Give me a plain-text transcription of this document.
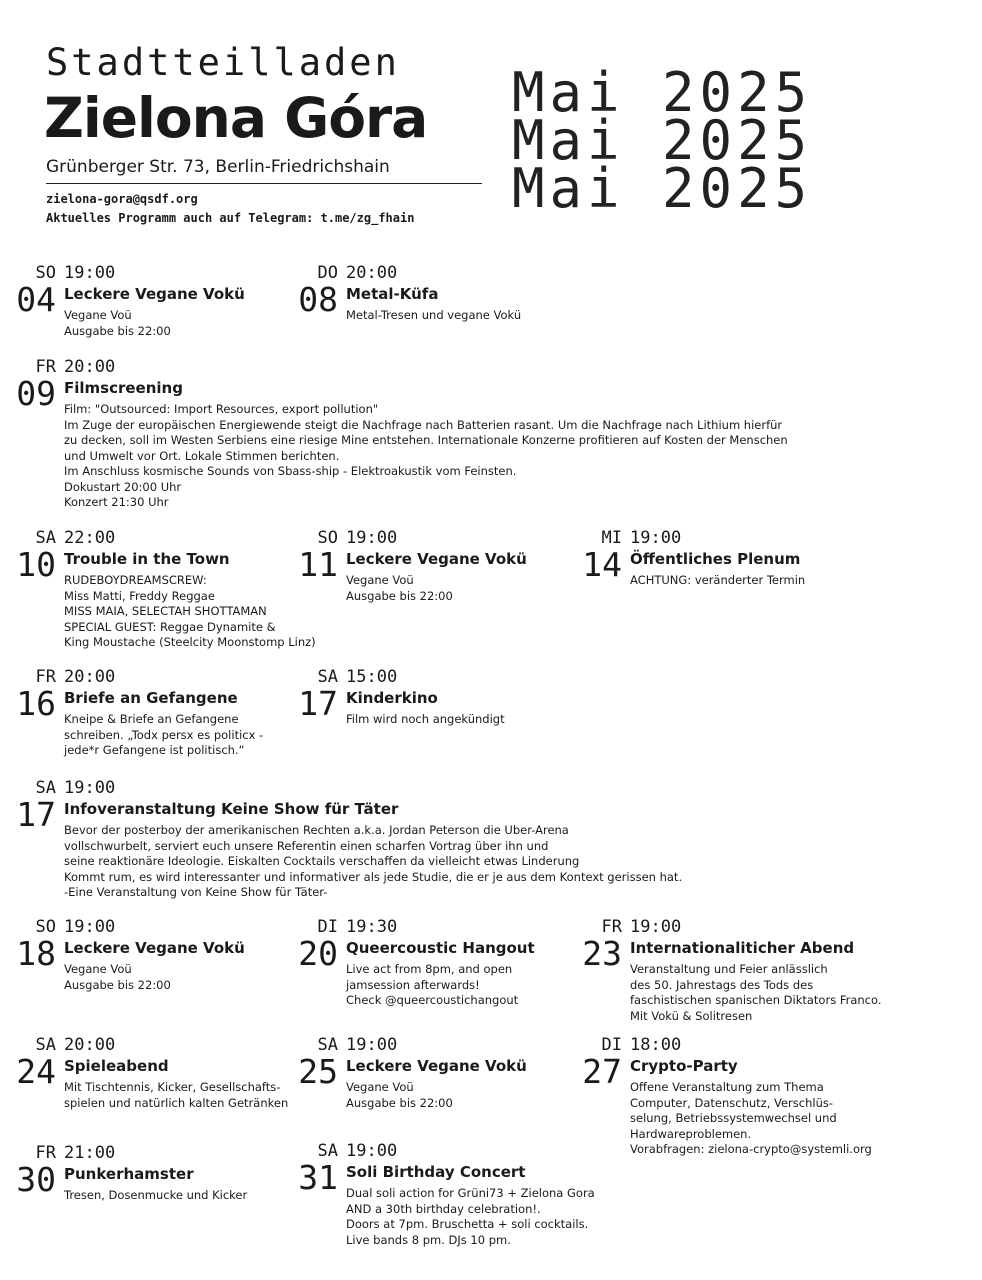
Stadtteilladen
Zielona Góra
Grünberger Str. 73, Berlin-Friedrichshain
zielona-gora@qsdf.org
Aktuelles Programm auch auf Telegram: t.me/zg_fhain
Mai 2025
Mai 2025
Mai 2025
SO
04
19:00
Leckere Vegane Vokü
Vegane Voü
Ausgabe bis 22:00
DO
08
20:00
Metal-Küfa
Metal-Tresen und vegane Vokü
FR
09
20:00
Filmscreening
Film: "Outsourced: Import Resources, export pollution"
Im Zuge der europäischen Energiewende steigt die Nachfrage nach Batterien rasant. Um die Nachfrage nach Lithium hierfür
zu decken, soll im Westen Serbiens eine riesige Mine entstehen. Internationale Konzerne profitieren auf Kosten der Menschen
und Umwelt vor Ort. Lokale Stimmen berichten.
Im Anschluss kosmische Sounds von Sbass-ship - Elektroakustik vom Feinsten.
Dokustart 20:00 Uhr
Konzert 21:30 Uhr
SA
10
22:00
Trouble in the Town
RUDEBOYDREAMSCREW:
Miss Matti, Freddy Reggae
MISS MAIA, SELECTAH SHOTTAMAN
SPECIAL GUEST: Reggae Dynamite &
King Moustache (Steelcity Moonstomp Linz)
SO
11
19:00
Leckere Vegane Vokü
Vegane Voü
Ausgabe bis 22:00
MI
14
19:00
Öffentliches Plenum
ACHTUNG: veränderter Termin
FR
16
20:00
Briefe an Gefangene
Kneipe & Briefe an Gefangene
schreiben. „Todx persx es politicx -
jede*r Gefangene ist politisch.“
SA
17
15:00
Kinderkino
Film wird noch angekündigt
SA
17
19:00
Infoveranstaltung Keine Show für Täter
Bevor der posterboy der amerikanischen Rechten a.k.a. Jordan Peterson die Uber-Arena
vollschwurbelt, serviert euch unsere Referentin einen scharfen Vortrag über ihn und
seine reaktionäre Ideologie. Eiskalten Cocktails verschaffen da vielleicht etwas Linderung
Kommt rum, es wird interessanter und informativer als jede Studie, die er je aus dem Kontext gerissen hat.
-Eine Veranstaltung von Keine Show für Täter-
SO
18
19:00
Leckere Vegane Vokü
Vegane Voü
Ausgabe bis 22:00
DI
20
19:30
Queercoustic Hangout
Live act from 8pm, and open
jamsession afterwards!
Check @queercoustichangout
FR
23
19:00
Internationaliticher Abend
Veranstaltung und Feier anlässlich
des 50. Jahrestags des Tods des
faschistischen spanischen Diktators Franco.
Mit Vokü & Solitresen
SA
24
20:00
Spieleabend
Mit Tischtennis, Kicker, Gesellschafts-
spielen und natürlich kalten Getränken
SA
25
19:00
Leckere Vegane Vokü
Vegane Voü
Ausgabe bis 22:00
DI
27
18:00
Crypto-Party
Offene Veranstaltung zum Thema
Computer, Datenschutz, Verschlüs-
selung, Betriebssystemwechsel und
Hardwareproblemen.
Vorabfragen: zielona-crypto@systemli.org
FR
30
21:00
Punkerhamster
Tresen, Dosenmucke und Kicker
SA
31
19:00
Soli Birthday Concert
Dual soli action for Grüni73 + Zielona Gora
AND a 30th birthday celebration!.
Doors at 7pm. Bruschetta + soli cocktails.
Live bands 8 pm. DJs 10 pm.
